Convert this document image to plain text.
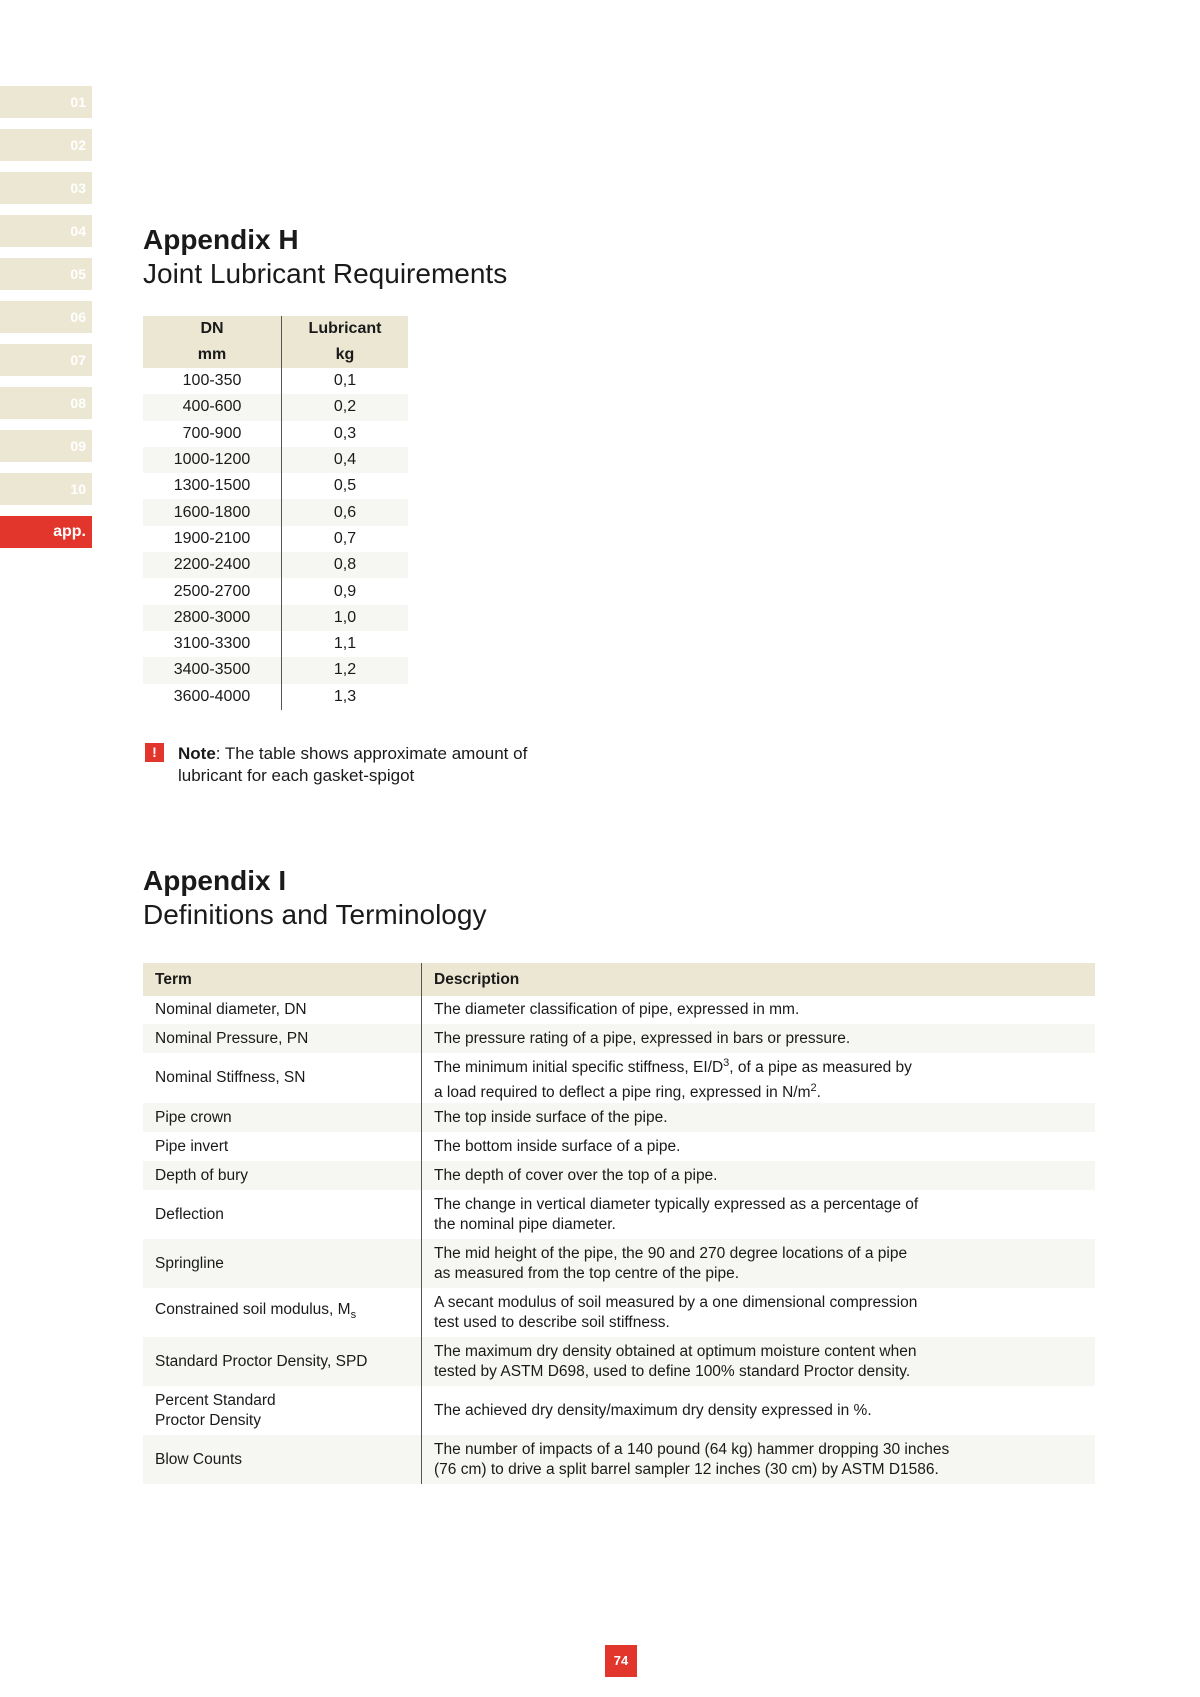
01
02
03
04
05
06
07
08
09
10
app.
Appendix H
Joint Lubricant Requirements
DN	Lubricant
mm	kg
100-350	0,1
400-600	0,2
700-900	0,3
1000-1200	0,4
1300-1500	0,5
1600-1800	0,6
1900-2100	0,7
2200-2400	0,8
2500-2700	0,9
2800-3000	1,0
3100-3300	1,1
3400-3500	1,2
3600-4000	1,3
!	Note: The table shows approximate amount of lubricant for each gasket-spigot
Appendix I
Definitions and Terminology
Term	Description
Nominal diameter, DN	The diameter classification of pipe, expressed in mm.
Nominal Pressure, PN	The pressure rating of a pipe, expressed in bars or pressure.
Nominal Stiffness, SN	The minimum initial specific stiffness, $EI/D^3$, of a pipe as measured by
a load required to deflect a pipe ring, expressed in $N/m^2$.
Pipe crown	The top inside surface of the pipe.
Pipe invert	The bottom inside surface of a pipe.
Depth of bury	The depth of cover over the top of a pipe.
Deflection	The change in vertical diameter typically expressed as a percentage of
the nominal pipe diameter.
Springline	The mid height of the pipe, the 90 and 270 degree locations of a pipe
as measured from the top centre of the pipe.
Constrained soil modulus, $M_s$	A secant modulus of soil measured by a one dimensional compression
test used to describe soil stiffness.
Standard Proctor Density, SPD	The maximum dry density obtained at optimum moisture content when
tested by ASTM D698, used to define 100% standard Proctor density.
Percent Standard
Proctor Density	The achieved dry density/maximum dry density expressed in %.
Blow Counts	The number of impacts of a 140 pound (64 kg) hammer dropping 30 inches
(76 cm) to drive a split barrel sampler 12 inches (30 cm) by ASTM D1586.
74
